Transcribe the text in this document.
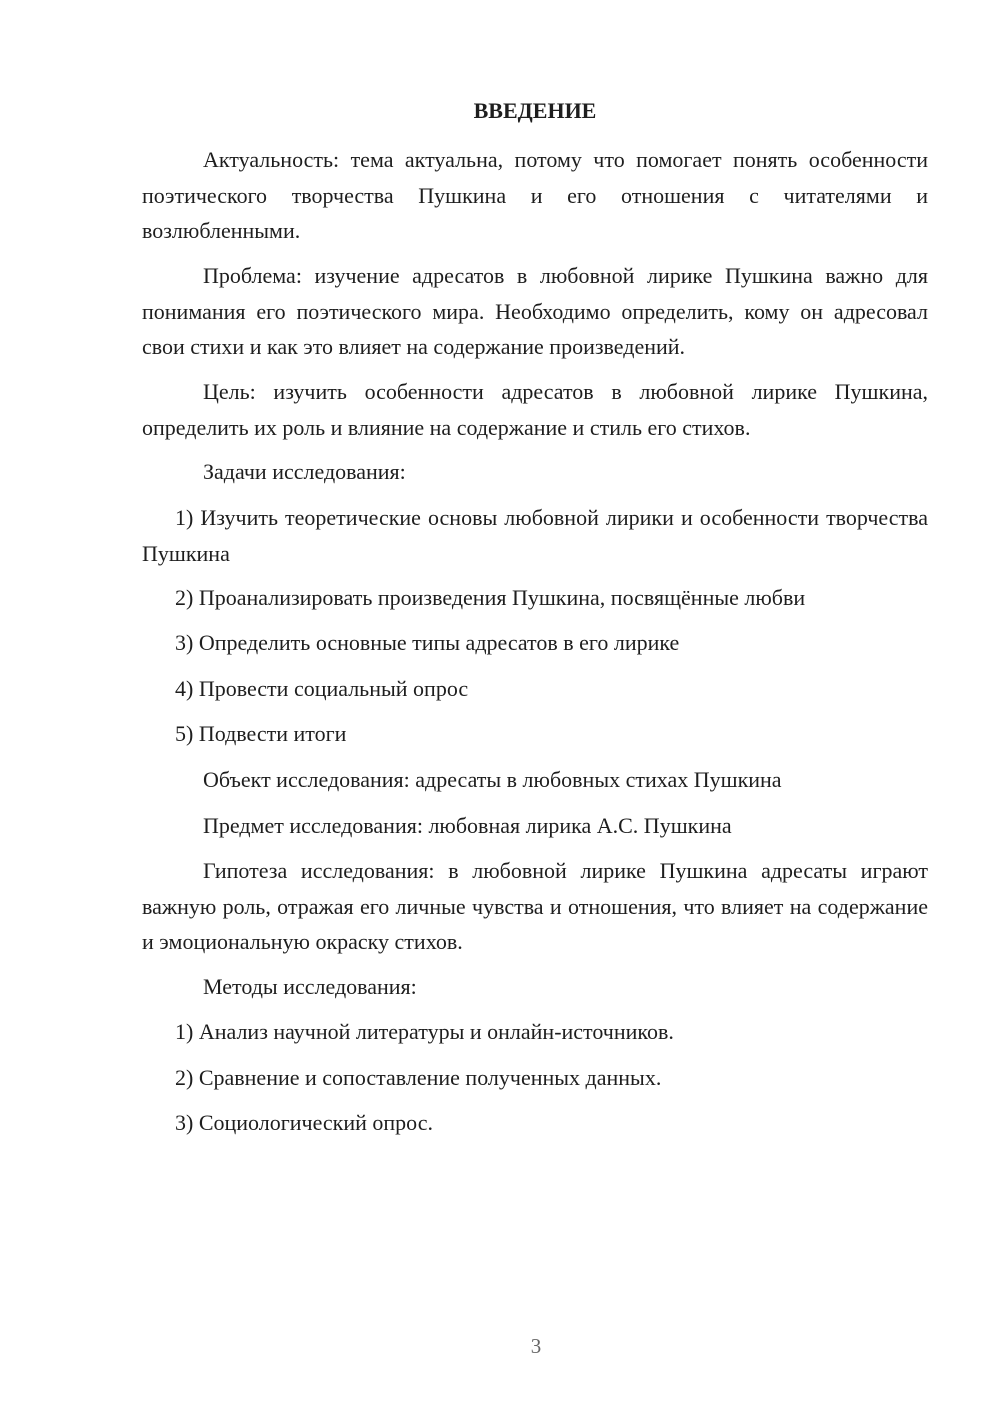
ВВЕДЕНИЕ

Актуальность: тема актуальна, потому что помогает понять особенности поэтического творчества Пушкина и его отношения с читателями и возлюбленными.

Проблема: изучение адресатов в любовной лирике Пушкина важно для понимания его поэтического мира. Необходимо определить, кому он адресовал свои стихи и как это влияет на содержание произведений.

Цель: изучить особенности адресатов в любовной лирике Пушкина, определить их роль и влияние на содержание и стиль его стихов.

Задачи исследования:

1) Изучить теоретические основы любовной лирики и особенности творчества Пушкина

2) Проанализировать произведения Пушкина, посвящённые любви

3) Определить основные типы адресатов в его лирике

4) Провести социальный опрос

5) Подвести итоги

Объект исследования: адресаты в любовных стихах Пушкина

Предмет исследования: любовная лирика А.С. Пушкина

Гипотеза исследования: в любовной лирике Пушкина адресаты играют важную роль, отражая его личные чувства и отношения, что влияет на содержание и эмоциональную окраску стихов.

Методы исследования:

1) Анализ научной литературы и онлайн-источников.

2) Сравнение и сопоставление полученных данных.

3) Социологический опрос.

3
